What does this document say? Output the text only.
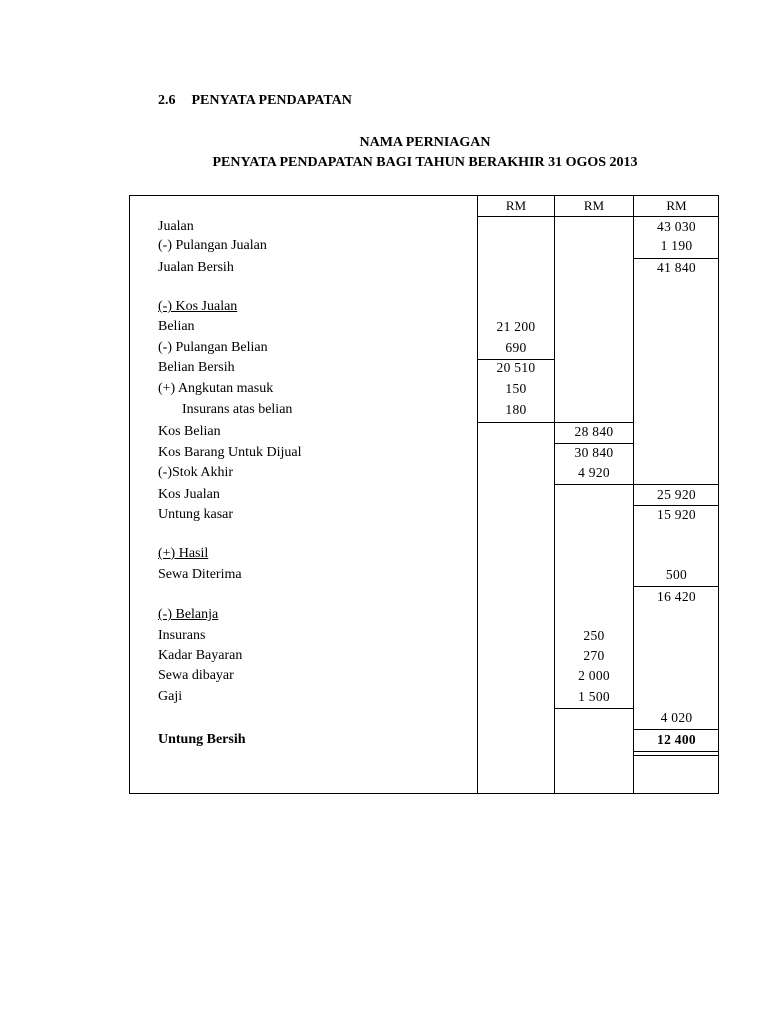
2.6 PENYATA PENDAPATAN
NAMA PERNIAGAN
PENYATA PENDAPATAN BAGI TAHUN BERAKHIR 31 OGOS 2013
RM	RM	RM
Jualan
(-) Pulangan Jualan
Jualan Bersih
(-) Kos Jualan
Belian
(-) Pulangan Belian
Belian Bersih
(+) Angkutan masuk
Insurans atas belian
Kos Belian
Kos Barang Untuk Dijual
(-)Stok Akhir
Kos Jualan
Untung kasar
(+) Hasil
Sewa Diterima
(-) Belanja
Insurans
Kadar Bayaran
Sewa dibayar
Gaji
Untung Bersih
21 200
690
20 510
150
180
28 840
30 840
4 920
250
270
2 000
1 500
43 030
1 190
41 840
25 920
15 920
500
16 420
4 020
12 400
